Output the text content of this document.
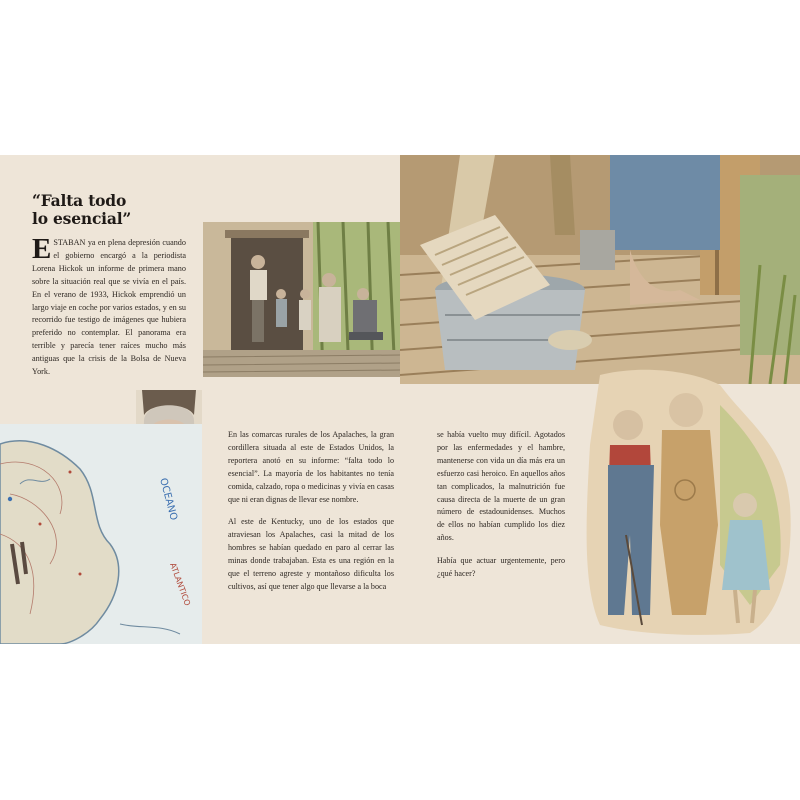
“Falta todo
lo esencial”
ESTABAN ya en plena depresión cuando el gobierno encargó a la periodista Lorena Hickok un informe de primera mano sobre la situación real que se vivía en el país. En el verano de 1933, Hickok emprendió un largo viaje en coche por varios estados, y en su recorrido fue testigo de imágenes que hubiera preferido no contemplar. El panorama era terrible y parecía tener raíces mucho más antiguas que la crisis de la Bolsa de Nueva York.

En las comarcas rurales de los Apalaches, la gran cordillera situada al este de Estados Unidos, la reportera anotó en su informe: “falta todo lo esencial”. La mayoría de los habitantes no tenía comida, calzado, ropa o medicinas y vivía en casas que ni eran dignas de llevar ese nombre.

Al este de Kentucky, uno de los estados que atraviesan los Apalaches, casi la mitad de los hombres se habían quedado en paro al cerrar las minas donde trabajaban. Esta es una región en la que el terreno agreste y montañoso dificulta los cultivos, así que tener algo que llevarse a la boca

se había vuelto muy difícil. Agotados por las enfermedades y el hambre, mantenerse con vida un día más era un esfuerzo casi heroico. En aquellos años tan complicados, la malnutrición fue causa directa de la muerte de un gran número de estadounidenses. Muchos de ellos no habían cumplido los diez años.

Había que actuar urgentemente, pero ¿qué hacer?

OCEANO
ATLANTICO
